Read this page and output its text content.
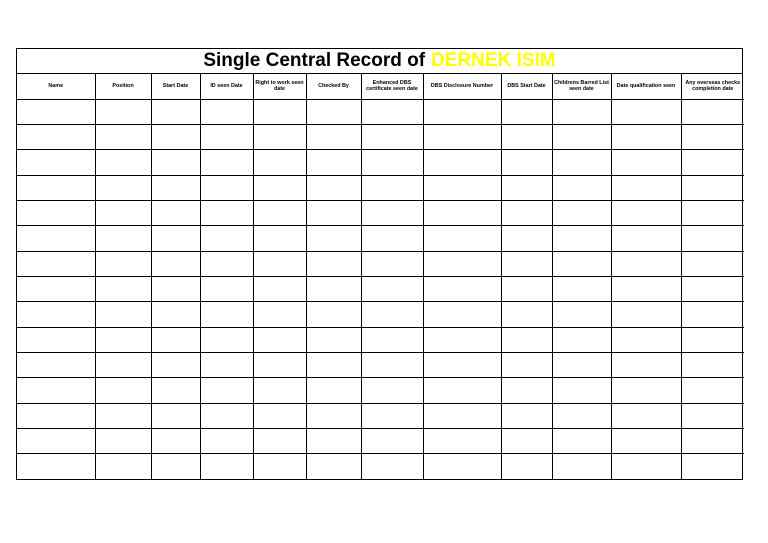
Single Central Record of DERNEK ISIM
Name	Position	Start Date	ID seen Date	Right to work seen date	Checked By	Enhanced DBS certificate seen date	DBS Disclosure Number	DBS Start Date	Childrens Barred List seen date	Date qualification seen	Any overseas checks completion date
